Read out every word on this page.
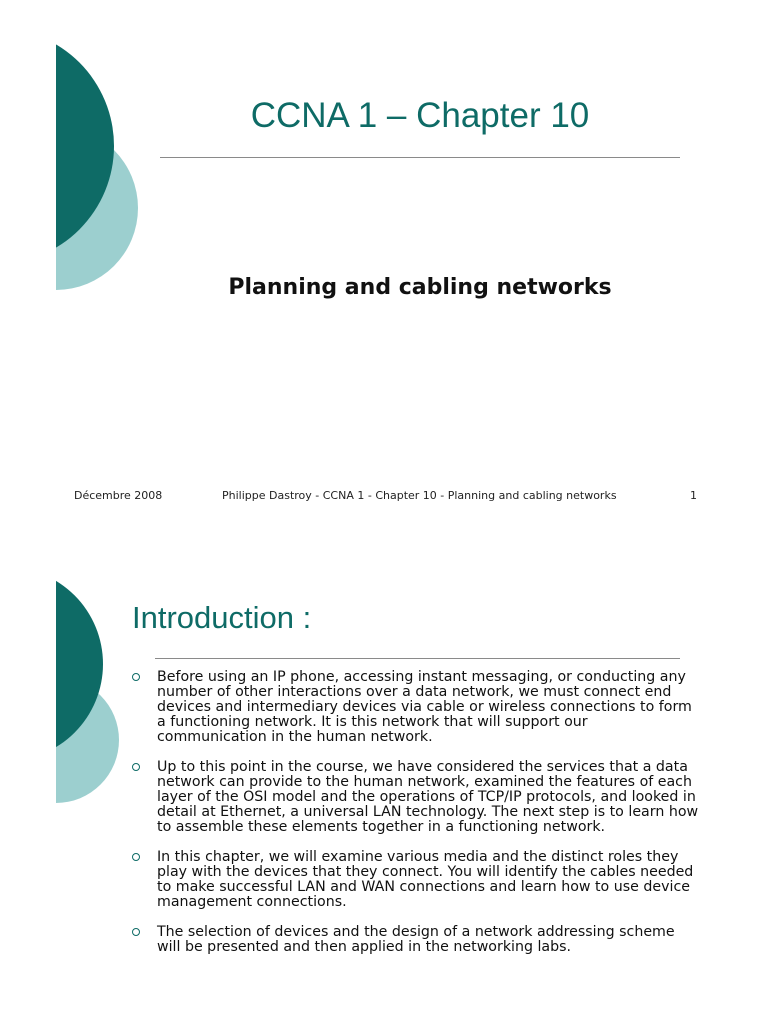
CCNA 1 – Chapter 10
Planning and cabling networks
Décembre 2008	Philippe Dastroy - CCNA 1 - Chapter 10 - Planning and cabling networks	1
Introduction :
Before using an IP phone, accessing instant messaging, or conducting any number of other interactions over a data network, we must connect end devices and intermediary devices via cable or wireless connections to form a functioning network. It is this network that will support our communication in the human network.
Up to this point in the course, we have considered the services that a data network can provide to the human network, examined the features of each layer of the OSI model and the operations of TCP/IP protocols, and looked in detail at Ethernet, a universal LAN technology. The next step is to learn how to assemble these elements together in a functioning network.
In this chapter, we will examine various media and the distinct roles they play with the devices that they connect. You will identify the cables needed to make successful LAN and WAN connections and learn how to use device management connections.
The selection of devices and the design of a network addressing scheme will be presented and then applied in the networking labs.
